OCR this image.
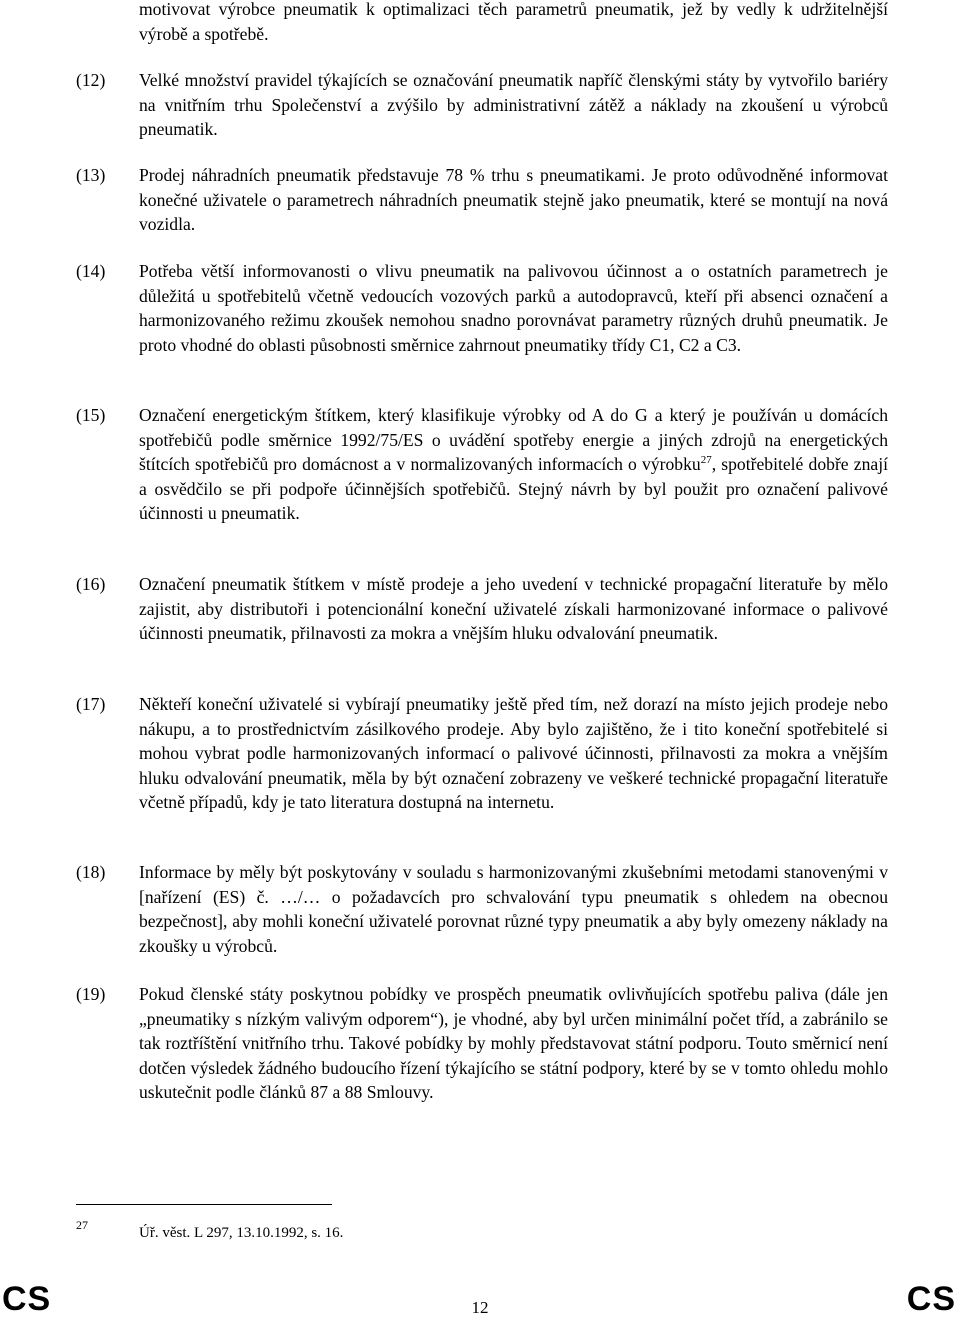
motivovat výrobce pneumatik k optimalizaci těch parametrů pneumatik, jež by vedly k udržitelnější výrobě a spotřebě.
(12)	Velké množství pravidel týkajících se označování pneumatik napříč členskými státy by vytvořilo bariéry na vnitřním trhu Společenství a zvýšilo by administrativní zátěž a náklady na zkoušení u výrobců pneumatik.
(13)	Prodej náhradních pneumatik představuje 78 % trhu s pneumatikami. Je proto odůvodněné informovat konečné uživatele o parametrech náhradních pneumatik stejně jako pneumatik, které se montují na nová vozidla.
(14)	Potřeba větší informovanosti o vlivu pneumatik na palivovou účinnost a o ostatních parametrech je důležitá u spotřebitelů včetně vedoucích vozových parků a autodopravců, kteří při absenci označení a harmonizovaného režimu zkoušek nemohou snadno porovnávat parametry různých druhů pneumatik. Je proto vhodné do oblasti působnosti směrnice zahrnout pneumatiky třídy C1, C2 a C3.
(15)	Označení energetickým štítkem, který klasifikuje výrobky od A do G a který je používán u domácích spotřebičů podle směrnice 1992/75/ES o uvádění spotřeby energie a jiných zdrojů na energetických štítcích spotřebičů pro domácnost a v normalizovaných informacích o výrobku$^{27}$, spotřebitelé dobře znají a osvědčilo se při podpoře účinnějších spotřebičů. Stejný návrh by byl použit pro označení palivové účinnosti u pneumatik.
(16)	Označení pneumatik štítkem v místě prodeje a jeho uvedení v technické propagační literatuře by mělo zajistit, aby distributoři i potencionální koneční uživatelé získali harmonizované informace o palivové účinnosti pneumatik, přilnavosti za mokra a vnějším hluku odvalování pneumatik.
(17)	Někteří koneční uživatelé si vybírají pneumatiky ještě před tím, než dorazí na místo jejich prodeje nebo nákupu, a to prostřednictvím zásilkového prodeje. Aby bylo zajištěno, že i tito koneční spotřebitelé si mohou vybrat podle harmonizovaných informací o palivové účinnosti, přilnavosti za mokra a vnějším hluku odvalování pneumatik, měla by být označení zobrazeny ve veškeré technické propagační literatuře včetně případů, kdy je tato literatura dostupná na internetu.
(18)	Informace by měly být poskytovány v souladu s harmonizovanými zkušebními metodami stanovenými v [nařízení (ES) č. …/… o požadavcích pro schvalování typu pneumatik s ohledem na obecnou bezpečnost], aby mohli koneční uživatelé porovnat různé typy pneumatik a aby byly omezeny náklady na zkoušky u výrobců.
(19)	Pokud členské státy poskytnou pobídky ve prospěch pneumatik ovlivňujících spotřebu paliva (dále jen „pneumatiky s nízkým valivým odporem“), je vhodné, aby byl určen minimální počet tříd, a zabránilo se tak roztříštění vnitřního trhu. Takové pobídky by mohly představovat státní podporu. Touto směrnicí není dotčen výsledek žádného budoucího řízení týkajícího se státní podpory, které by se v tomto ohledu mohlo uskutečnit podle článků 87 a 88 Smlouvy.
27	Úř. věst. L 297, 13.10.1992, s. 16.
CS	12	CS
